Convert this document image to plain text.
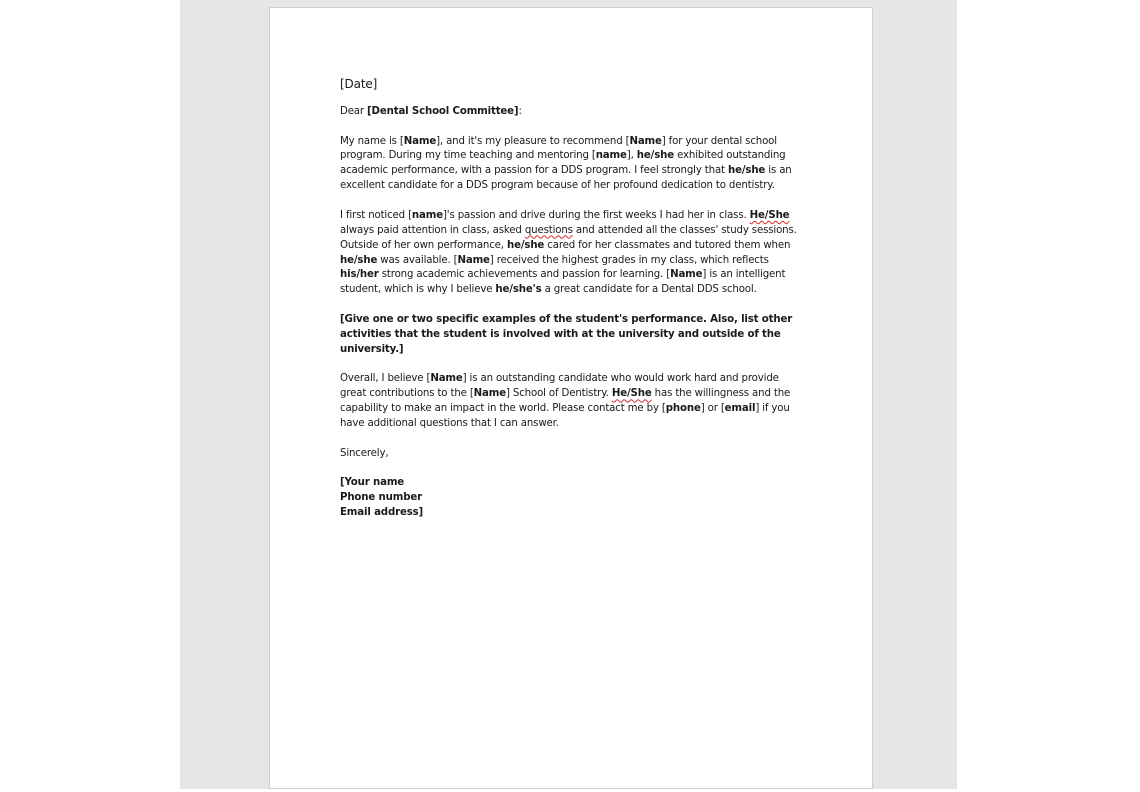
[Date]

Dear [Dental School Committee]:

My name is [Name], and it's my pleasure to recommend [Name] for your dental school program. During my time teaching and mentoring [name], he/she exhibited outstanding academic performance, with a passion for a DDS program. I feel strongly that he/she is an excellent candidate for a DDS program because of her profound dedication to dentistry.

I first noticed [name]'s passion and drive during the first weeks I had her in class. He/She always paid attention in class, asked questions and attended all the classes' study sessions. Outside of her own performance, he/she cared for her classmates and tutored them when he/she was available. [Name] received the highest grades in my class, which reflects his/her strong academic achievements and passion for learning. [Name] is an intelligent student, which is why I believe he/she's a great candidate for a Dental DDS school.

[Give one or two specific examples of the student's performance. Also, list other activities that the student is involved with at the university and outside of the university.]

Overall, I believe [Name] is an outstanding candidate who would work hard and provide great contributions to the [Name] School of Dentistry. He/She has the willingness and the capability to make an impact in the world. Please contact me by [phone] or [email] if you have additional questions that I can answer.

Sincerely,

[Your name
Phone number
Email address]
